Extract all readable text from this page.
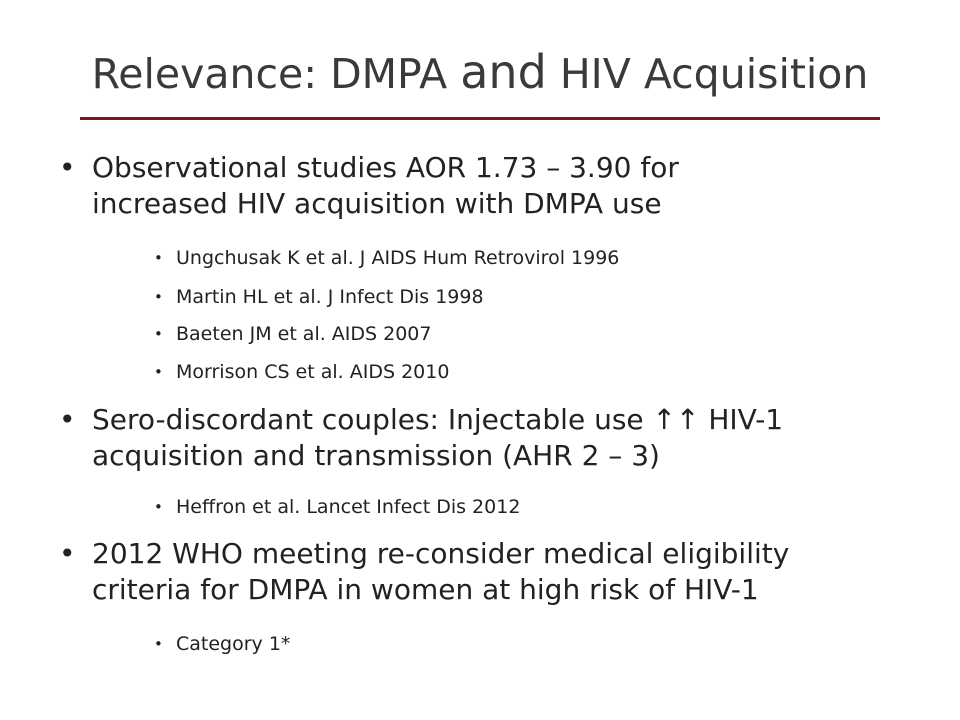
Relevance: DMPA and HIV Acquisition
• Observational studies AOR 1.73 – 3.90 for
increased HIV acquisition with DMPA use
• Ungchusak K et al. J AIDS Hum Retrovirol 1996
• Martin HL et al. J Infect Dis 1998
• Baeten JM et al. AIDS 2007
• Morrison CS et al. AIDS 2010
• Sero-discordant couples: Injectable use ↑↑ HIV-1
acquisition and transmission (AHR 2 – 3)
• Heffron et al. Lancet Infect Dis 2012
• 2012 WHO meeting re-consider medical eligibility
criteria for DMPA in women at high risk of HIV-1
• Category 1*
